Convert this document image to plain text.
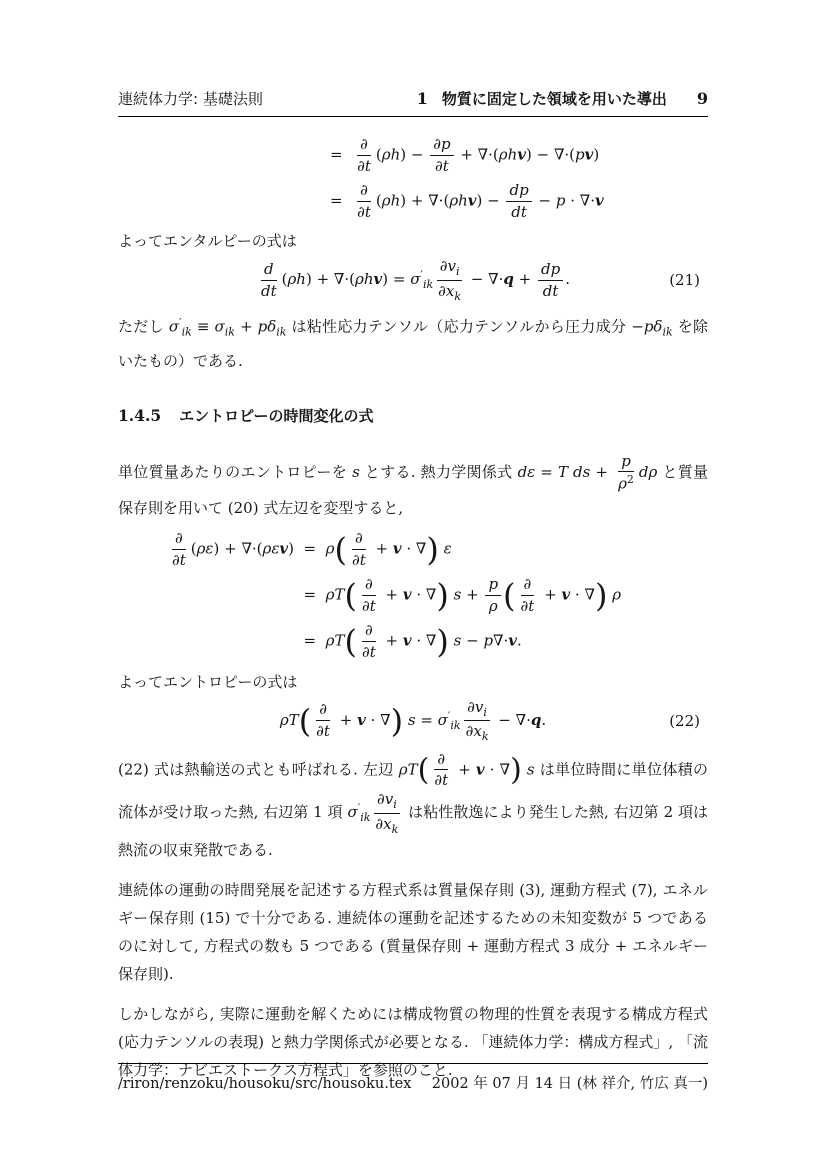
連続体力学: 基礎法則	1 物質に固定した領域を用いた導出 9
= $\frac{\partial}{\partial t} (\rho h) - \frac{\partial p}{\partial t} + \nabla\cdot(\rho hv) - \nabla\cdot(pv)$
= $\frac{\partial}{\partial t} (\rho h) + \nabla\cdot(\rho hv) - \frac{dp}{dt} - p \cdot \nabla\cdot v$

よってエンタルピーの式は

$\frac{d}{dt} (\rho h) + \nabla\cdot(\rho hv) = \sigma'_{ik} \frac{\partial v_i}{\partial x_k} - \nabla\cdot q + \frac{dp}{dt}$ .	(21)

ただし $\sigma'_{ik} \equiv \sigma_{ik} + p\delta_{ik}$ は粘性応力テンソル（応力テンソルから圧力成分 $-p\delta_{ik}$ を除いたもの）である.

1.4.5 エントロピーの時間変化の式

単位質量あたりのエントロピーを s とする. 熱力学関係式 dε = T ds + $\frac{p}{\rho^2}$ dρ と質量保存則を用いて (20) 式左辺を変型すると,

$\frac{\partial}{\partial t} (\rho\varepsilon) + \nabla\cdot(\rho\varepsilon v) = \rho( \frac{\partial}{\partial t} + v$ · ∇) ε
=  $\rho T( \frac{\partial}{\partial t} + v$ · ∇) $s + \frac{p}{\rho}$ ( $\frac{\partial}{\partial t} + v$ · ∇) ρ
=  $\rho T( \frac{\partial}{\partial t} + v$ · ∇) s − p∇·v.

よってエントロピーの式は

$\rho T( \frac{\partial}{\partial t} + v$ · ∇) $s = \sigma'_{ik} \frac{\partial v_i}{\partial x_k} - \nabla\cdot q$.	(22)

(22) 式は熱輸送の式とも呼ばれる. 左辺 $\rho T( \frac{\partial}{\partial t} + v$ · ∇) s は単位時間に単位体積の流体が受け取った熱, 右辺第 1 項 $\sigma'_{ik} \frac{\partial v_i}{\partial x_k}$ は粘性散逸により発生した熱, 右辺第 2 項は熱流の収束発散である.

連続体の運動の時間発展を記述する方程式系は質量保存則 (3), 運動方程式 (7), エネルギー保存則 (15) で十分である. 連続体の運動を記述するための未知変数が 5 つであるのに対して, 方程式の数も 5 つである (質量保存則 + 運動方程式 3 成分 + エネルギー保存則).

しかしながら, 実際に運動を解くためには構成物質の物理的性質を表現する構成方程式 (応力テンソルの表現) と熱力学関係式が必要となる. 「連続体力学：構成方程式」, 「流体力学：ナビエストークス方程式」を参照のこと.

/riron/renzoku/housoku/src/housoku.tex 2002 年 07 月 14 日 (林 祥介, 竹広 真一)
